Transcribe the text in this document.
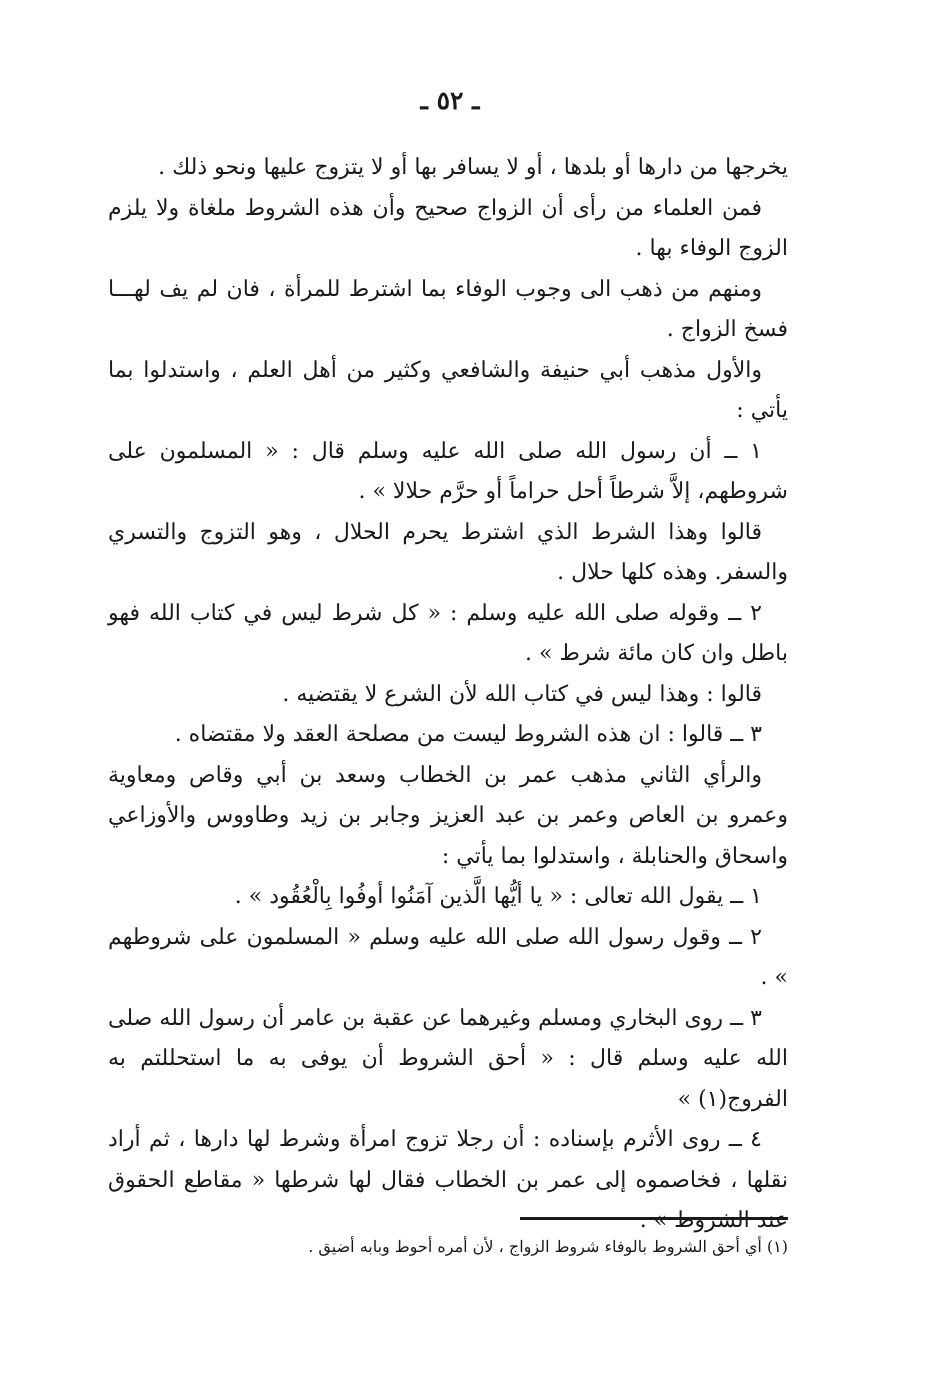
ـ ٥٢ ـ

يخرجها من دارها أو بلدها ، أو لا يسافر بها أو لا يتزوج عليها ونحو ذلك .

فمن العلماء من رأى أن الزواج صحيح وأن هذه الشروط ملغاة ولا يلزم الزوج الوفاء بها .

ومنهم من ذهب الى وجوب الوفاء بما اشترط للمرأة ، فان لم يف لهـــا فسخ الزواج .

والأول مذهب أبي حنيفة والشافعي وكثير من أهل العلم ، واستدلوا بما يأتي :

١ ــ أن رسول الله صلى الله عليه وسلم قال : « المسلمون على شروطهم، إلاَّ شرطاً أحل حراماً أو حرَّم حلالا » .

قالوا وهذا الشرط الذي اشترط يحرم الحلال ، وهو التزوج والتسري والسفر. وهذه كلها حلال .

٢ ــ وقوله صلى الله عليه وسلم : « كل شرط ليس في كتاب الله فهو باطل وان كان مائة شرط » .

قالوا : وهذا ليس في كتاب الله لأن الشرع لا يقتضيه .

٣ ــ قالوا : ان هذه الشروط ليست من مصلحة العقد ولا مقتضاه .

والرأي الثاني مذهب عمر بن الخطاب وسعد بن أبي وقاص ومعاوية وعمرو بن العاص وعمر بن عبد العزيز وجابر بن زيد وطاووس والأوزاعي واسحاق والحنابلة ، واستدلوا بما يأتي :

١ ــ يقول الله تعالى : « يا أيُّها الَّذين آمَنُوا أوفُوا بِالْعُقُود » .

٢ ــ وقول رسول الله صلى الله عليه وسلم « المسلمون على شروطهم » .

٣ ــ روى البخاري ومسلم وغيرهما عن عقبة بن عامر أن رسول الله صلى الله عليه وسلم قال : « أحق الشروط أن يوفى به ما استحللتم به الفروج(١) »

٤ ــ روى الأثرم بإسناده : أن رجلا تزوج امرأة وشرط لها دارها ، ثم أراد نقلها ، فخاصموه إلى عمر بن الخطاب فقال لها شرطها « مقاطع الحقوق عند الشروط » .

(١) أي أحق الشروط بالوفاء شروط الزواج ، لأن أمره أحوط وبابه أضيق .
